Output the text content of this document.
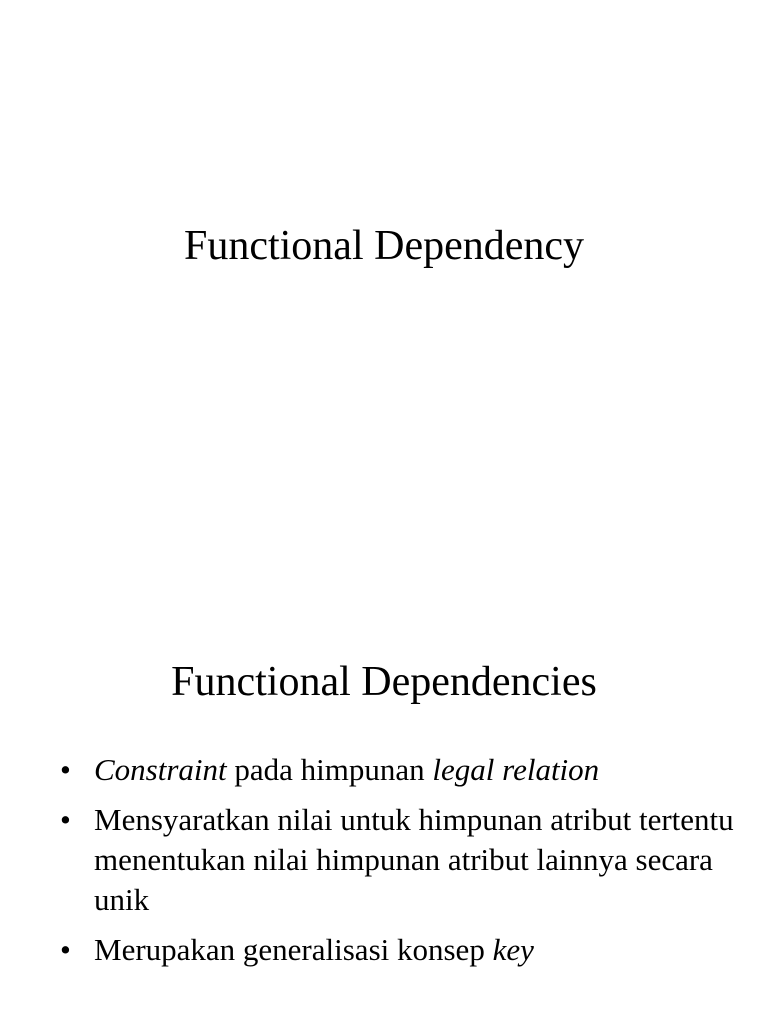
Functional Dependency
Functional Dependencies
• Constraint pada himpunan legal relation
• Mensyaratkan nilai untuk himpunan atribut tertentu menentukan nilai himpunan atribut lainnya secara unik
• Merupakan generalisasi konsep key
